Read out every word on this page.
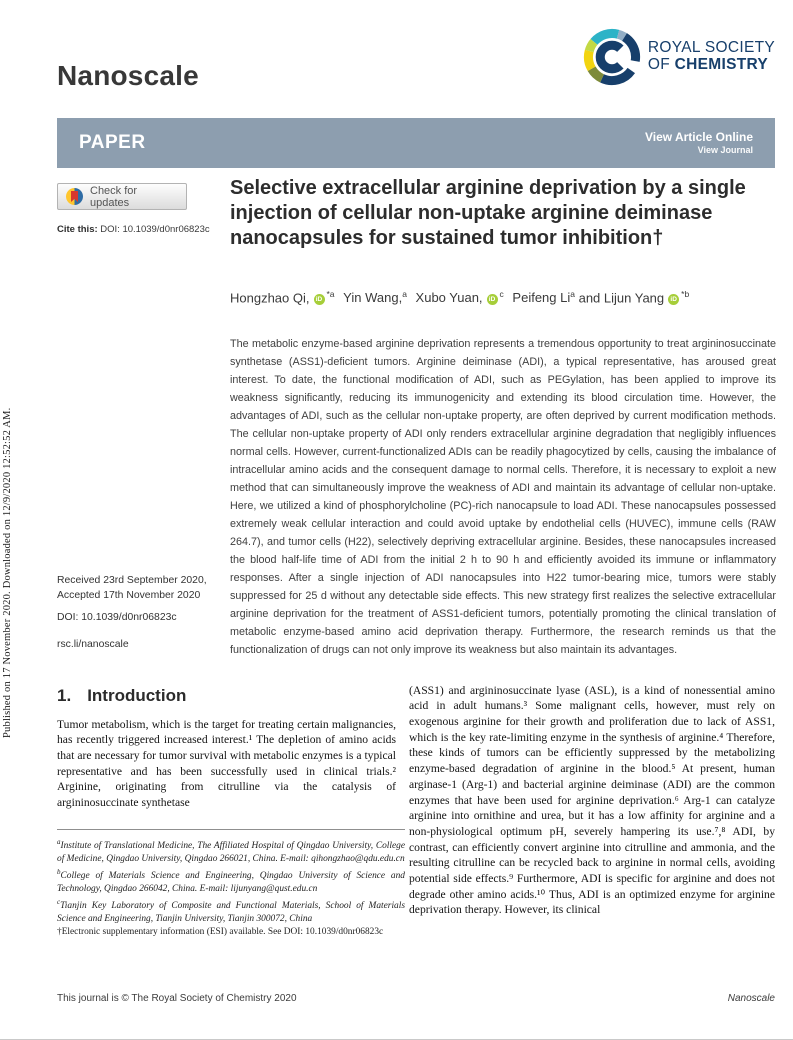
Published on 17 November 2020. Downloaded on 12/9/2020 12:52:52 AM.
Nanoscale
ROYAL SOCIETY
OF CHEMISTRY
PAPER	View Article Online
View Journal
Check for updates
Cite this: DOI: 10.1039/d0nr06823c
Selective extracellular arginine deprivation by a single injection of cellular non-uptake arginine deiminase nanocapsules for sustained tumor inhibition†
Hongzhao Qi, $iD^{*a}$ Yin Wang,$^a$ Xubo Yuan, $iD^c$ Peifeng Li$^a$ and Lijun Yang $iD^{*b}$

The metabolic enzyme-based arginine deprivation represents a tremendous opportunity to treat argininosuccinate synthetase (ASS1)-deficient tumors. Arginine deiminase (ADI), a typical representative, has aroused great interest. To date, the functional modification of ADI, such as PEGylation, has been applied to improve its weakness significantly, reducing its immunogenicity and extending its blood circulation time. However, the advantages of ADI, such as the cellular non-uptake property, are often deprived by current modification methods. The cellular non-uptake property of ADI only renders extracellular arginine degradation that negligibly influences normal cells. However, current-functionalized ADIs can be readily phagocytized by cells, causing the imbalance of intracellular amino acids and the consequent damage to normal cells. Therefore, it is necessary to exploit a new method that can simultaneously improve the weakness of ADI and maintain its advantage of cellular non-uptake. Here, we utilized a kind of phosphorylcholine (PC)-rich nanocapsule to load ADI. These nanocapsules possessed extremely weak cellular interaction and could avoid uptake by endothelial cells (HUVEC), immune cells (RAW 264.7), and tumor cells (H22), selectively depriving extracellular arginine. Besides, these nanocapsules increased the blood half-life time of ADI from the initial 2 h to 90 h and efficiently avoided its immune or inflammatory responses. After a single injection of ADI nanocapsules into H22 tumor-bearing mice, tumors were stably suppressed for 25 d without any detectable side effects. This new strategy first realizes the selective extracellular arginine deprivation for the treatment of ASS1-deficient tumors, potentially promoting the clinical translation of metabolic enzyme-based amino acid deprivation therapy. Furthermore, the research reminds us that the functionalization of drugs can not only improve its weakness but also maintain its advantages.

Received 23rd September 2020,
Accepted 17th November 2020
DOI: 10.1039/d0nr06823c
rsc.li/nanoscale
1. Introduction

Tumor metabolism, which is the target for treating certain malignancies, has recently triggered increased interest.¹ The depletion of amino acids that are necessary for tumor survival with metabolic enzymes is a typical representative and has been successfully used in clinical trials.² Arginine, originating from citrulline via the catalysis of argininosuccinate synthetase

(ASS1) and argininosuccinate lyase (ASL), is a kind of nonessential amino acid in adult humans.³ Some malignant cells, however, must rely on exogenous arginine for their growth and proliferation due to lack of ASS1, which is the key rate-limiting enzyme in the synthesis of arginine.⁴ Therefore, these kinds of tumors can be efficiently suppressed by the metabolizing enzyme-based degradation of arginine in the blood.⁵ At present, human arginase-1 (Arg-1) and bacterial arginine deiminase (ADI) are the common enzymes that have been used for arginine deprivation.⁶ Arg-1 can catalyze arginine into ornithine and urea, but it has a low affinity for arginine and a non-physiological optimum pH, severely hampering its use.⁷,⁸ ADI, by contrast, can efficiently convert arginine into citrulline and ammonia, and the resulting citrulline can be recycled back to arginine in normal cells, avoiding potential side effects.⁹ Furthermore, ADI is specific for arginine and does not degrade other amino acids.¹⁰ Thus, ADI is an optimized enzyme for arginine deprivation therapy. However, its clinical

$^a$Institute of Translational Medicine, The Affiliated Hospital of Qingdao University, College of Medicine, Qingdao University, Qingdao 266021, China. E-mail: qihongzhao@qdu.edu.cn
$^b$College of Materials Science and Engineering, Qingdao University of Science and Technology, Qingdao 266042, China. E-mail: lijunyang@qust.edu.cn
$^c$Tianjin Key Laboratory of Composite and Functional Materials, School of Materials Science and Engineering, Tianjin University, Tianjin 300072, China
†Electronic supplementary information (ESI) available. See DOI: 10.1039/d0nr06823c
This journal is © The Royal Society of Chemistry 2020	Nanoscale
